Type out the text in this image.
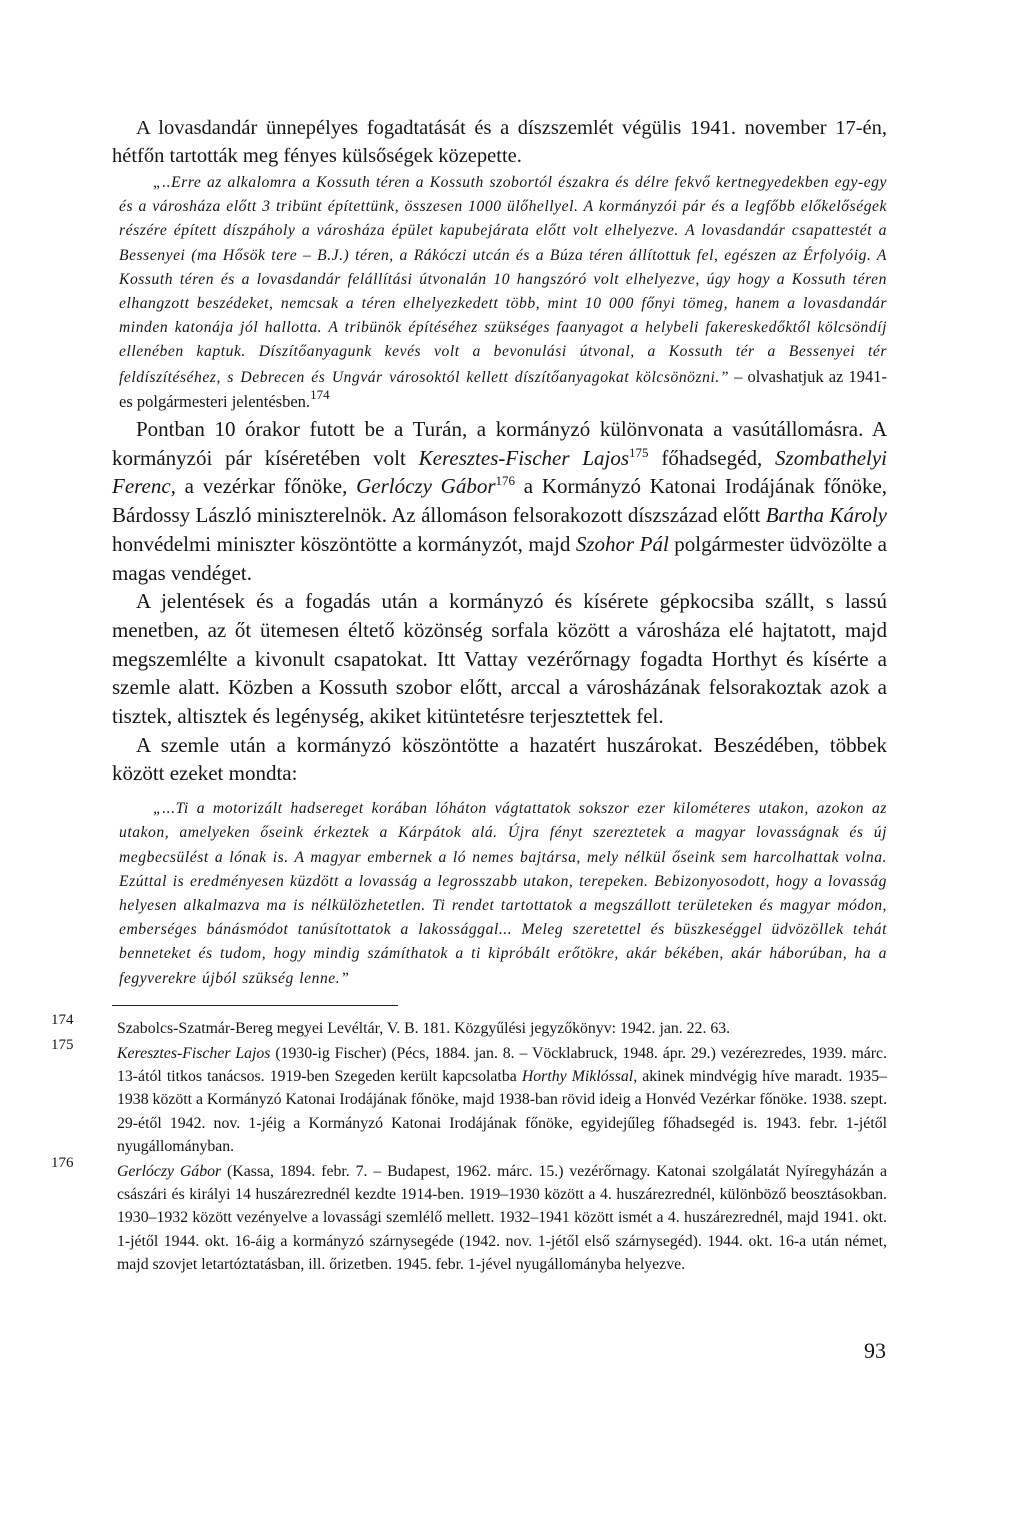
A lovasdandár ünnepélyes fogadtatását és a díszszemlét végülis 1941. november 17-én, hétfőn tartották meg fényes külsőségek közepette.

„..Erre az alkalomra a Kossuth téren a Kossuth szobortól északra és délre fekvő kertnegyedekben egy-egy és a városháza előtt 3 tribünt építettünk, összesen 1000 ülőhellyel. A kormányzói pár és a legfőbb előkelőségek részére épített díszpáholy a városháza épület kapubejárata előtt volt elhelyezve. A lovasdandár csapattestét a Bessenyei (ma Hősök tere – B.J.) téren, a Rákóczi utcán és a Búza téren állítottuk fel, egészen az Érfolyóig. A Kossuth téren és a lovasdandár felállítási útvonalán 10 hangszóró volt elhelyezve, úgy hogy a Kossuth téren elhangzott beszédeket, nemcsak a téren elhelyezkedett több, mint 10 000 főnyi tömeg, hanem a lovasdandár minden katonája jól hallotta. A tribünök építéséhez szükséges faanyagot a helybeli fakereskedőktől kölcsöndíj ellenében kaptuk. Díszítőanyagunk kevés volt a bevonulási útvonal, a Kossuth tér a Bessenyei tér feldíszítéséhez, s Debrecen és Ungvár városoktól kellett díszítőanyagokat kölcsönözni.” – olvashatjuk az 1941-es polgármesteri jelentésben.$^{174}$

Pontban 10 órakor futott be a Turán, a kormányzó különvonata a vasútállomásra. A kormányzói pár kíséretében volt Keresztes-Fischer Lajos$^{175}$ főhadsegéd, Szombathelyi Ferenc, a vezérkar főnöke, Gerlóczy Gábor$^{176}$ a Kormányzó Katonai Irodájának főnöke, Bárdossy László miniszterelnök. Az állomáson felsorakozott díszszázad előtt Bartha Károly honvédelmi miniszter köszöntötte a kormányzót, majd Szohor Pál polgármester üdvözölte a magas vendéget.

A jelentések és a fogadás után a kormányzó és kísérete gépkocsiba szállt, s lassú menetben, az őt ütemesen éltető közönség sorfala között a városháza elé hajtatott, majd megszemlélte a kivonult csapatokat. Itt Vattay vezérőrnagy fogadta Horthyt és kísérte a szemle alatt. Közben a Kossuth szobor előtt, arccal a városházának felsorakoztak azok a tisztek, altisztek és legénység, akiket kitüntetésre terjesztettek fel.

A szemle után a kormányzó köszöntötte a hazatért huszárokat. Beszédében, többek között ezeket mondta:

„...Ti a motorizált hadsereget korában lóháton vágtattatok sokszor ezer kilométeres utakon, azokon az utakon, amelyeken őseink érkeztek a Kárpátok alá. Újra fényt szereztetek a magyar lovasságnak és új megbecsülést a lónak is. A magyar embernek a ló nemes bajtársa, mely nélkül őseink sem harcolhattak volna. Ezúttal is eredményesen küzdött a lovasság a legrosszabb utakon, terepeken. Bebizonyosodott, hogy a lovasság helyesen alkalmazva ma is nélkülözhetetlen. Ti rendet tartottatok a megszállott területeken és magyar módon, emberséges bánásmódot tanúsítottatok a lakossággal... Meleg szeretettel és büszkeséggel üdvözöllek tehát benneteket és tudom, hogy mindig számíthatok a ti kipróbált erőtökre, akár békében, akár háborúban, ha a fegyverekre újból szükség lenne.”

174	Szabolcs-Szatmár-Bereg megyei Levéltár, V. B. 181. Közgyűlési jegyzőkönyv: 1942. jan. 22. 63.
175	Keresztes-Fischer Lajos (1930-ig Fischer) (Pécs, 1884. jan. 8. – Vöcklabruck, 1948. ápr. 29.) vezérezredes, 1939. márc. 13-ától titkos tanácsos. 1919-ben Szegeden került kapcsolatba Horthy Miklóssal, akinek mindvégig híve maradt. 1935–1938 között a Kormányzó Katonai Irodájának főnöke, majd 1938-ban rövid ideig a Honvéd Vezérkar főnöke. 1938. szept. 29-étől 1942. nov. 1-jéig a Kormányzó Katonai Irodájának főnöke, egyidejűleg főhadsegéd is. 1943. febr. 1-jétől nyugállományban.
176	Gerlóczy Gábor (Kassa, 1894. febr. 7. – Budapest, 1962. márc. 15.) vezérőrnagy. Katonai szolgálatát Nyíregyházán a császári és királyi 14 huszárezrednél kezdte 1914-ben. 1919–1930 között a 4. huszárezrednél, különböző beosztásokban. 1930–1932 között vezényelve a lovassági szemlélő mellett. 1932–1941 között ismét a 4. huszárezrednél, majd 1941. okt. 1-jétől 1944. okt. 16-áig a kormányzó szárnysegéde (1942. nov. 1-jétől első szárnysegéd). 1944. okt. 16-a után német, majd szovjet letartóztatásban, ill. őrizetben. 1945. febr. 1-jével nyugállományba helyezve.
93
